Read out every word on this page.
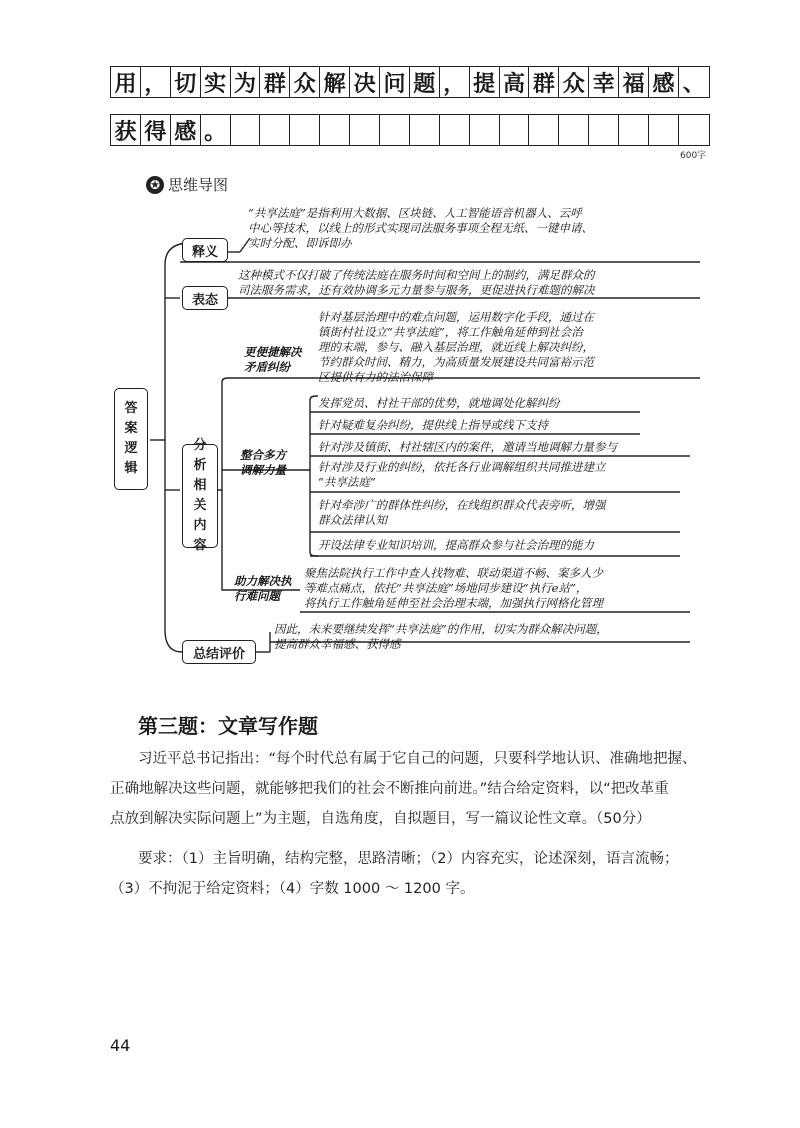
用 ， 切 实 为 群 众 解 决 问 题 ， 提 高 群 众 幸 福 感 、
获 得 感 。
600字
✪ 思维导图
答
案
逻
辑
释义
“共享法庭”是指利用大数据、区块链、人工智能语音机器人、云呼
中心等技术，以线上的形式实现司法服务事项全程无纸、一键申请、
实时分配、即诉即办
表态
这种模式不仅打破了传统法庭在服务时间和空间上的制约，满足群众的
司法服务需求，还有效协调多元力量参与服务，更促进执行难题的解决
分
析
相
关
内
容
更便捷解决
矛盾纠纷
针对基层治理中的难点问题，运用数字化手段，通过在
镇街村社设立“共享法庭”，将工作触角延伸到社会治
理的末端，参与、融入基层治理，就近线上解决纠纷，
节约群众时间、精力，为高质量发展建设共同富裕示范
区提供有力的法治保障
整合多方
调解力量
发挥党员、村社干部的优势，就地调处化解纠纷
针对疑难复杂纠纷，提供线上指导或线下支持
针对涉及镇街、村社辖区内的案件，邀请当地调解力量参与
针对涉及行业的纠纷，依托各行业调解组织共同推进建立
“共享法庭”
针对牵涉广的群体性纠纷，在线组织群众代表旁听，增强
群众法律认知
开设法律专业知识培训，提高群众参与社会治理的能力
助力解决执
行难问题
聚焦法院执行工作中查人找物难、联动渠道不畅、案多人少
等难点痛点，依托“共享法庭”场地同步建设“执行e站”，
将执行工作触角延伸至社会治理末端，加强执行网格化管理
总结评价
因此，未来要继续发挥“共享法庭”的作用，切实为群众解决问题，
提高群众幸福感、获得感
第三题：文章写作题
习近平总书记指出：“每个时代总有属于它自己的问题，只要科学地认识、准确地把握、
正确地解决这些问题，就能够把我们的社会不断推向前进。”结合给定资料，以“把改革重
点放到解决实际问题上”为主题，自选角度，自拟题目，写一篇议论性文章。（50分）
要求：（1）主旨明确，结构完整，思路清晰；（2）内容充实，论述深刻，语言流畅；
（3）不拘泥于给定资料；（4）字数 1000 ～ 1200 字。
44
